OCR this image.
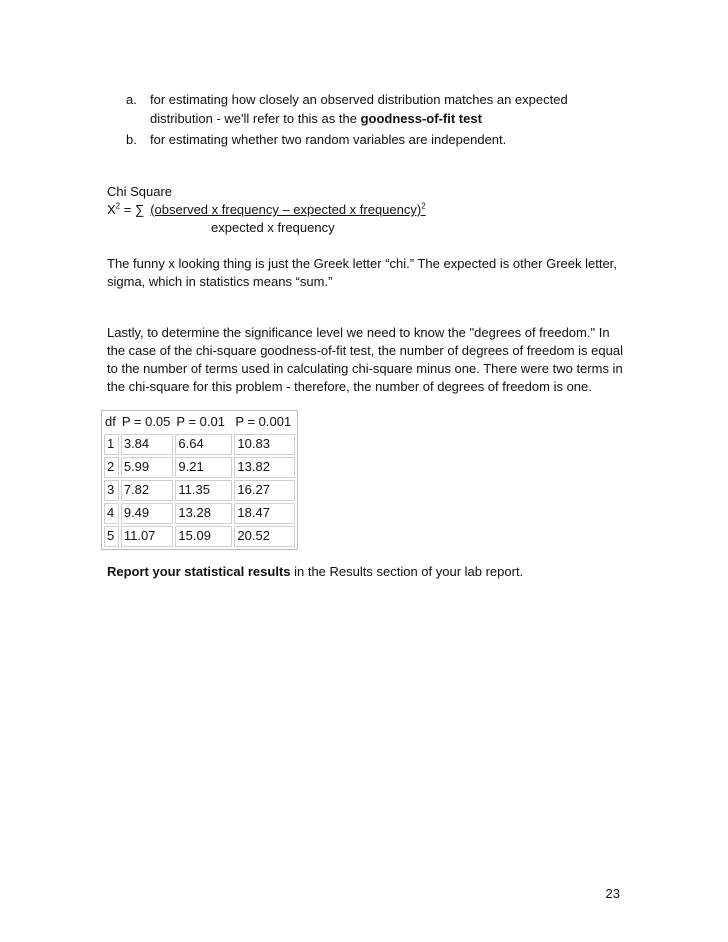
a. for estimating how closely an observed distribution matches an expected
distribution - we'll refer to this as the goodness-of-fit test
b. for estimating whether two random variables are independent.
Chi Square
$X^2$ = ∑ (observed x frequency – expected x frequency)$^2$
expected x frequency
The funny x looking thing is just the Greek letter “chi.” The expected is other Greek letter, sigma, which in statistics means “sum.”
Lastly, to determine the significance level we need to know the "degrees of freedom." In the case of the chi-square goodness-of-fit test, the number of degrees of freedom is equal to the number of terms used in calculating chi-square minus one. There were two terms in the chi-square for this problem - therefore, the number of degrees of freedom is one.
df	P = 0.05	P = 0.01	P = 0.001
1	3.84	6.64	10.83
2	5.99	9.21	13.82
3	7.82	11.35	16.27
4	9.49	13.28	18.47
5	11.07	15.09	20.52
Report your statistical results in the Results section of your lab report.
23
